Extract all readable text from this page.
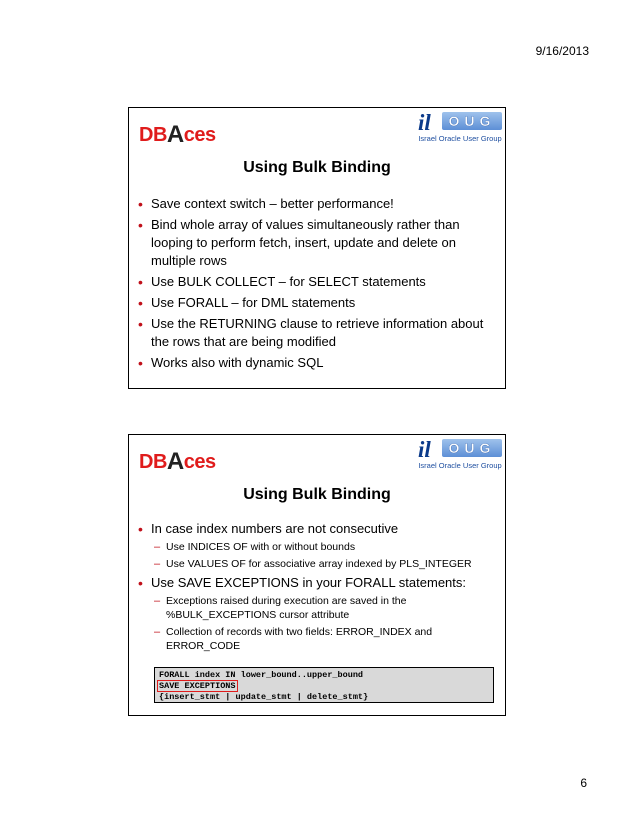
9/16/2013
DBAces	il	OUG
Israel Oracle User Group
Using Bulk Binding
• Save context switch – better performance!
• Bind whole array of values simultaneously rather than looping to perform fetch, insert, update and delete on multiple rows
• Use BULK COLLECT – for SELECT statements
• Use FORALL – for DML statements
• Use the RETURNING clause to retrieve information about the rows that are being modified
• Works also with dynamic SQL
DBAces	il	OUG
Israel Oracle User Group
Using Bulk Binding
• In case index numbers are not consecutive
– Use INDICES OF with or without bounds
– Use VALUES OF for associative array indexed by PLS_INTEGER
• Use SAVE EXCEPTIONS in your FORALL statements:
– Exceptions raised during execution are saved in the %BULK_EXCEPTIONS cursor attribute
– Collection of records with two fields: ERROR_INDEX and ERROR_CODE
FORALL index IN lower_bound..upper_bound
SAVE EXCEPTIONS
{insert_stmt | update_stmt | delete_stmt}
6
